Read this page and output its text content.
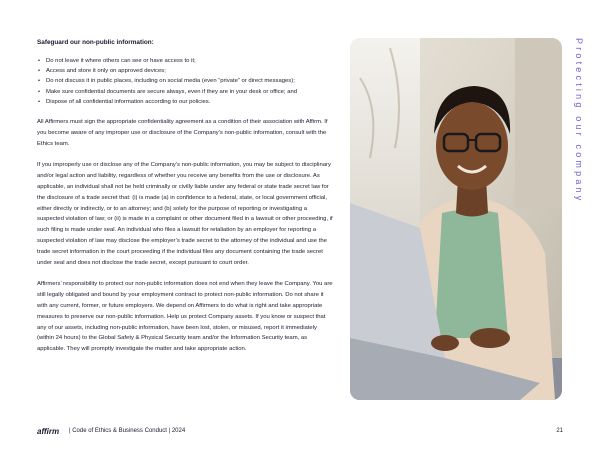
Safeguard our non-public information:

• Do not leave it where others can see or have access to it;
• Access and store it only on approved devices;
• Do not discuss it in public places, including on social media (even “private” or direct messages);
• Make sure confidential documents are secure always, even if they are in your desk or office; and
• Dispose of all confidential information according to our policies.

All Affirmers must sign the appropriate confidentiality agreement as a condition of their association with Affirm. If you become aware of any improper use or disclosure of the Company’s non-public information, consult with the Ethics team.

If you improperly use or disclose any of the Company’s non-public information, you may be subject to disciplinary and/or legal action and liability, regardless of whether you receive any benefits from the use or disclosure. As applicable, an individual shall not be held criminally or civilly liable under any federal or state trade secret law for the disclosure of a trade secret that: (i) is made (a) in confidence to a federal, state, or local government official, either directly or indirectly, or to an attorney; and (b) solely for the purpose of reporting or investigating a suspected violation of law; or (ii) is made in a complaint or other document filed in a lawsuit or other proceeding, if such filing is made under seal. An individual who files a lawsuit for retaliation by an employer for reporting a suspected violation of law may disclose the employer’s trade secret to the attorney of the individual and use the trade secret information in the court proceeding if the individual files any document containing the trade secret under seal and does not disclose the trade secret, except pursuant to court order.

Affirmers’ responsibility to protect our non-public information does not end when they leave the Company. You are still legally obligated and bound by your employment contract to protect non-public information. Do not share it with any current, former, or future employers. We depend on Affirmers to do what is right and take appropriate measures to preserve our non-public information. Help us protect Company assets. If you know or suspect that any of our assets, including non-public information, have been lost, stolen, or misused, report it immediately (within 24 hours) to the Global Safety & Physical Security team and/or the Information Security team, as applicable. They will promptly investigate the matter and take appropriate action.

Protecting our company
affirm | Code of Ethics & Business Conduct | 2024	21
